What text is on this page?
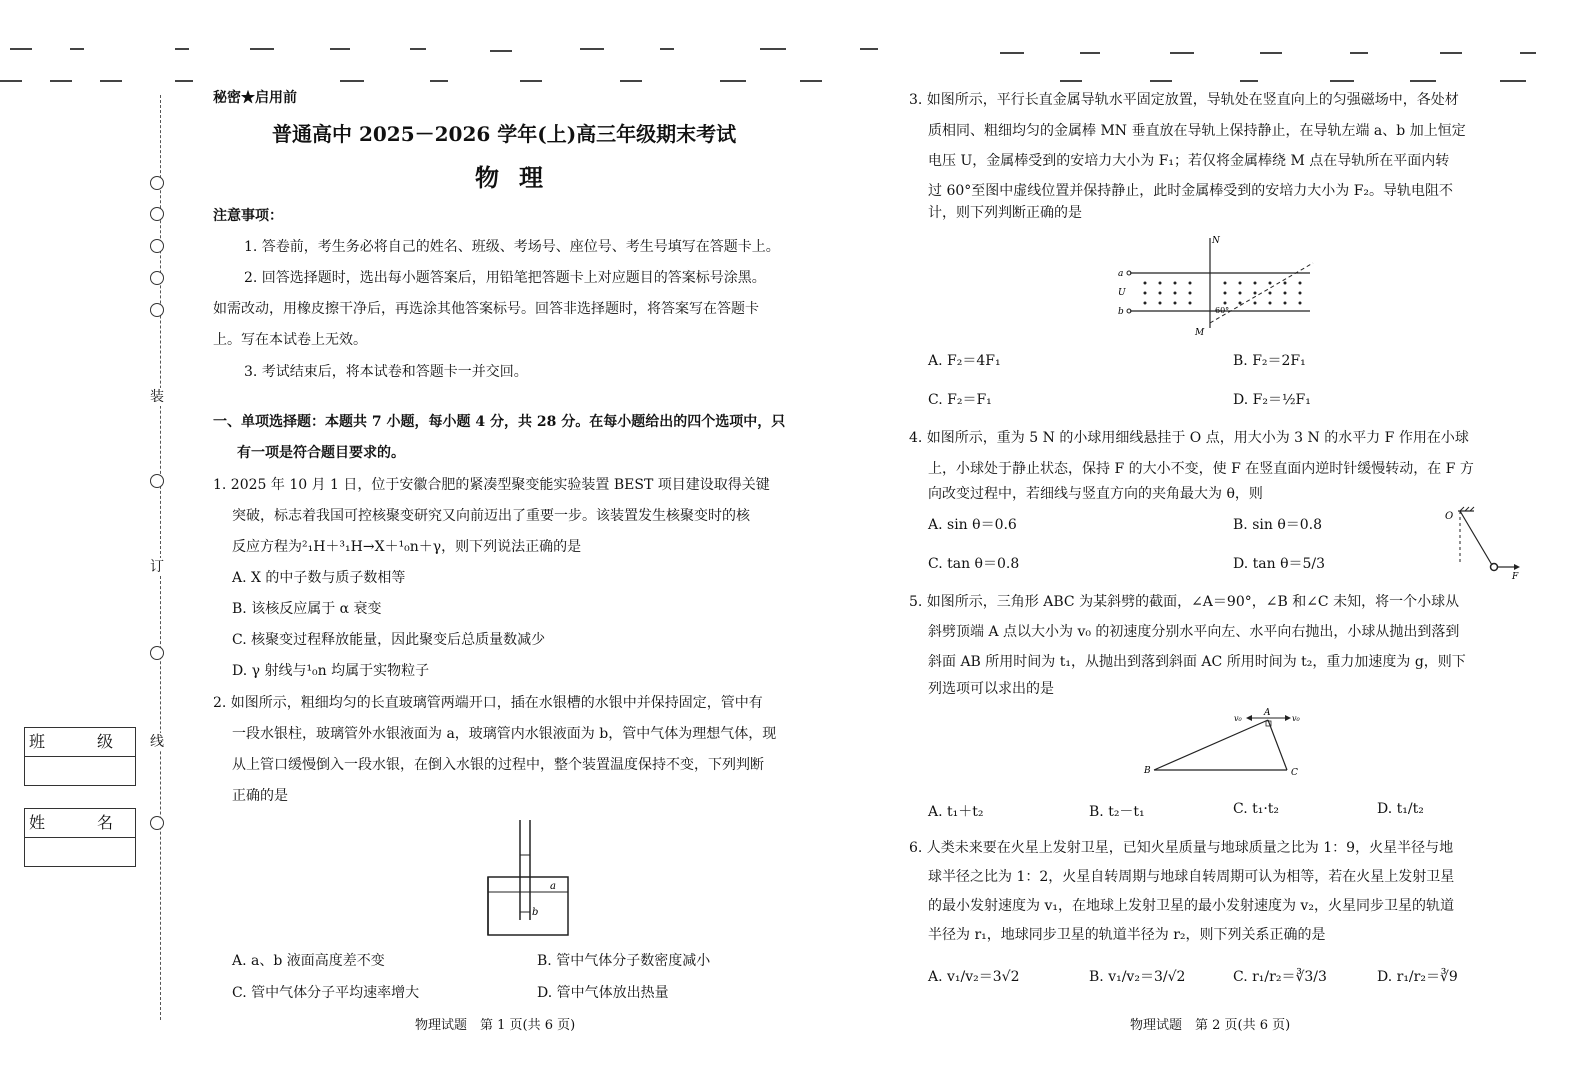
装
订
线
班　级
姓　名
秘密★启用前
普通高中 2025－2026 学年(上)高三年级期末考试
物理
注意事项：
1. 答卷前，考生务必将自己的姓名、班级、考场号、座位号、考生号填写在答题卡上。
2. 回答选择题时，选出每小题答案后，用铅笔把答题卡上对应题目的答案标号涂黑。
如需改动，用橡皮擦干净后，再选涂其他答案标号。回答非选择题时，将答案写在答题卡
上。写在本试卷上无效。
3. 考试结束后，将本试卷和答题卡一并交回。
一、单项选择题：本题共 7 小题，每小题 4 分，共 28 分。在每小题给出的四个选项中，只
有一项是符合题目要求的。
1. 2025 年 10 月 1 日，位于安徽合肥的紧凑型聚变能实验装置 BEST 项目建设取得关键
突破，标志着我国可控核聚变研究又向前迈出了重要一步。该装置发生核聚变时的核
反应方程为²₁H＋³₁H→X＋¹₀n＋γ，则下列说法正确的是
A. X 的中子数与质子数相等
B. 该核反应属于 α 衰变
C. 核聚变过程释放能量，因此聚变后总质量数减少
D. γ 射线与¹₀n 均属于实物粒子
2. 如图所示，粗细均匀的长直玻璃管两端开口，插在水银槽的水银中并保持固定，管中有
一段水银柱，玻璃管外水银液面为 a，玻璃管内水银液面为 b，管中气体为理想气体，现
从上管口缓慢倒入一段水银，在倒入水银的过程中，整个装置温度保持不变，下列判断
正确的是
a
b
A. a、b 液面高度差不变	B. 管中气体分子数密度减小
C. 管中气体分子平均速率增大	D. 管中气体放出热量
物理试题　第 1 页(共 6 页)
3. 如图所示，平行长直金属导轨水平固定放置，导轨处在竖直向上的匀强磁场中，各处材
质相同、粗细均匀的金属棒 MN 垂直放在导轨上保持静止，在导轨左端 a、b 加上恒定
电压 U，金属棒受到的安培力大小为 F₁；若仅将金属棒绕 M 点在导轨所在平面内转
过 60°至图中虚线位置并保持静止，此时金属棒受到的安培力大小为 F₂。导轨电阻不
计，则下列判断正确的是
N
a
U
b
M
60°
A. F₂＝4F₁	B. F₂＝2F₁
C. F₂＝F₁	D. F₂＝½F₁
4. 如图所示，重为 5 N 的小球用细线悬挂于 O 点，用大小为 3 N 的水平力 F 作用在小球
上，小球处于静止状态，保持 F 的大小不变，使 F 在竖直面内逆时针缓慢转动，在 F 方
向改变过程中，若细线与竖直方向的夹角最大为 θ，则
A. sin θ＝0.6	B. sin θ＝0.8
C. tan θ＝0.8	D. tan θ＝5/3
O
F
5. 如图所示，三角形 ABC 为某斜劈的截面，∠A＝90°，∠B 和∠C 未知，将一个小球从
斜劈顶端 A 点以大小为 v₀ 的初速度分别水平向左、水平向右抛出，小球从抛出到落到
斜面 AB 所用时间为 t₁，从抛出到落到斜面 AC 所用时间为 t₂，重力加速度为 g，则下
列选项可以求出的是
v₀
A
v₀
B	C
A. t₁＋t₂	B. t₂－t₁	C. t₁·t₂	D. t₁/t₂
6. 人类未来要在火星上发射卫星，已知火星质量与地球质量之比为 1：9，火星半径与地
球半径之比为 1：2，火星自转周期与地球自转周期可认为相等，若在火星上发射卫星
的最小发射速度为 v₁，在地球上发射卫星的最小发射速度为 v₂，火星同步卫星的轨道
半径为 r₁，地球同步卫星的轨道半径为 r₂，则下列关系正确的是
A. v₁/v₂＝3√2	B. v₁/v₂＝3/√2	C. r₁/r₂＝∛3/3	D. r₁/r₂＝∛9
物理试题　第 2 页(共 6 页)
